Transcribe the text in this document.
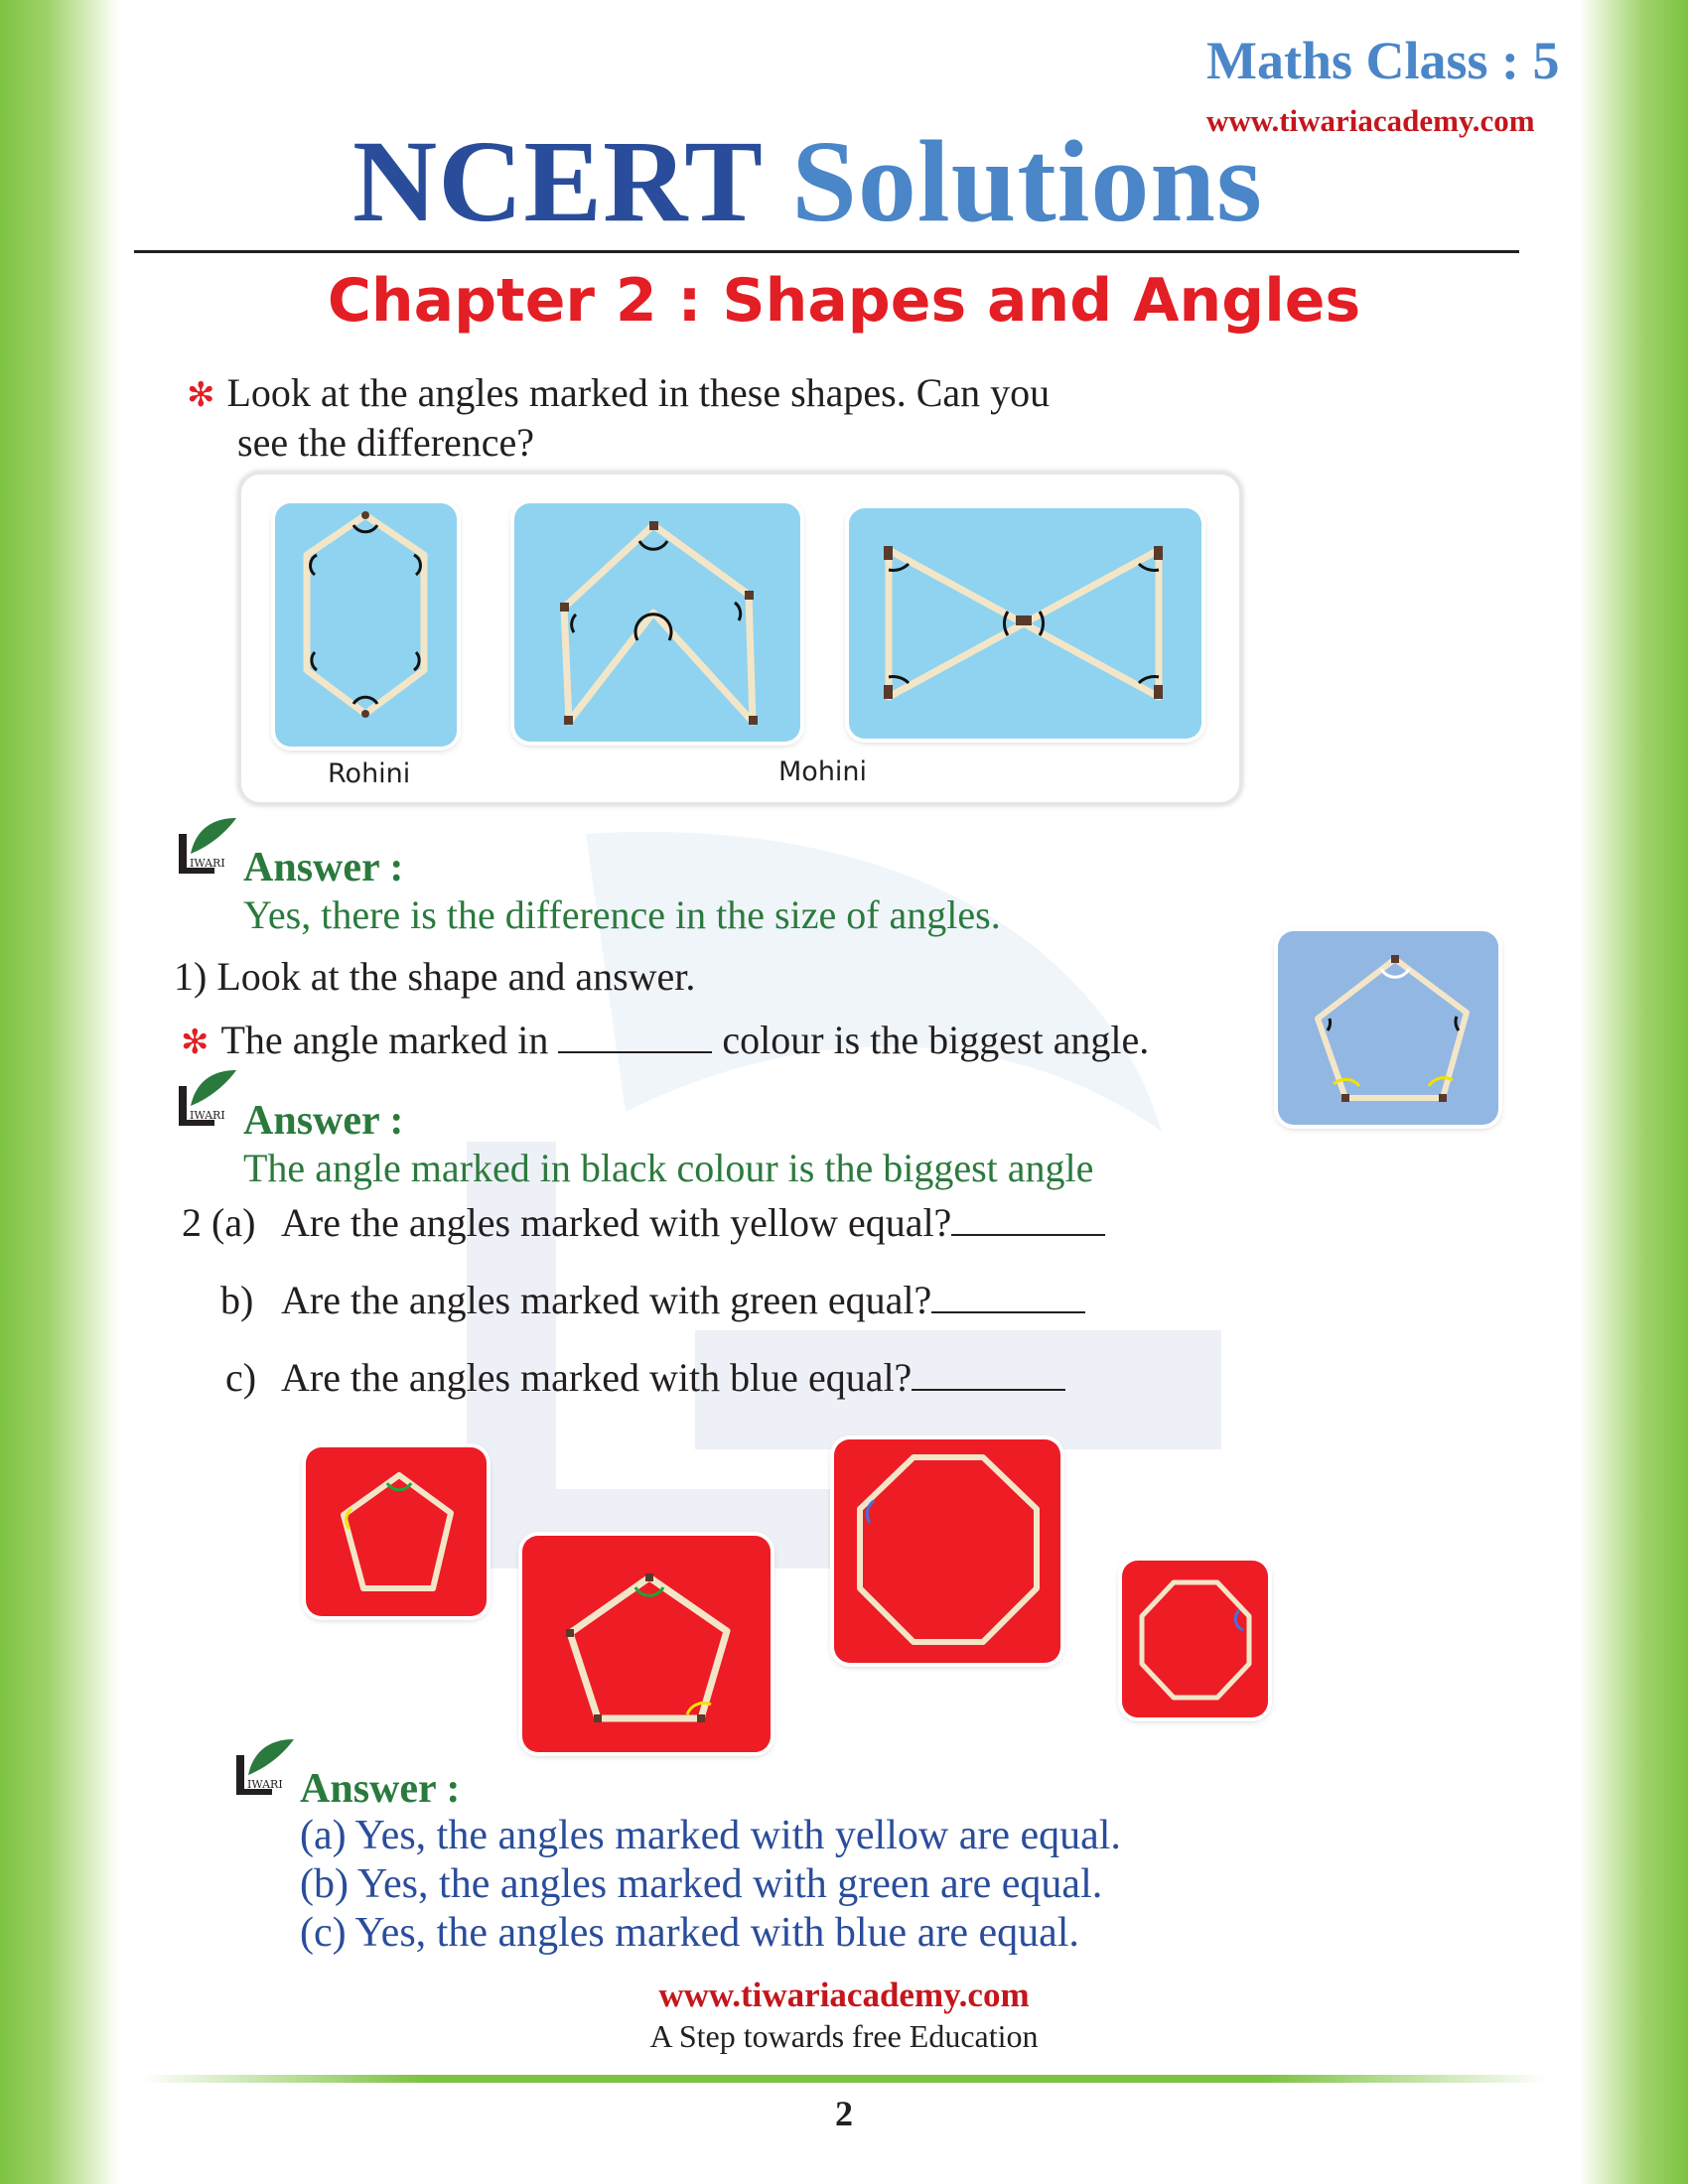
Maths Class : 5
www.tiwariacademy.com
NCERT Solutions
Chapter 2 : Shapes and Angles
✻ Look at the angles marked in these shapes. Can you
see the difference?
Rohini	Mohini
IWARI Answer :
Yes, there is the difference in the size of angles.
1) Look at the shape and answer.
✻ The angle marked in	colour is the biggest angle.
IWARI Answer :
The angle marked in black colour is the biggest angle
2 (a) Are the angles marked with yellow equal?
b) Are the angles marked with green equal?
c) Are the angles marked with blue equal?
IWARI Answer :
(a) Yes, the angles marked with yellow are equal.
(b) Yes, the angles marked with green are equal.
(c) Yes, the angles marked with blue are equal.
www.tiwariacademy.com
A Step towards free Education
2
